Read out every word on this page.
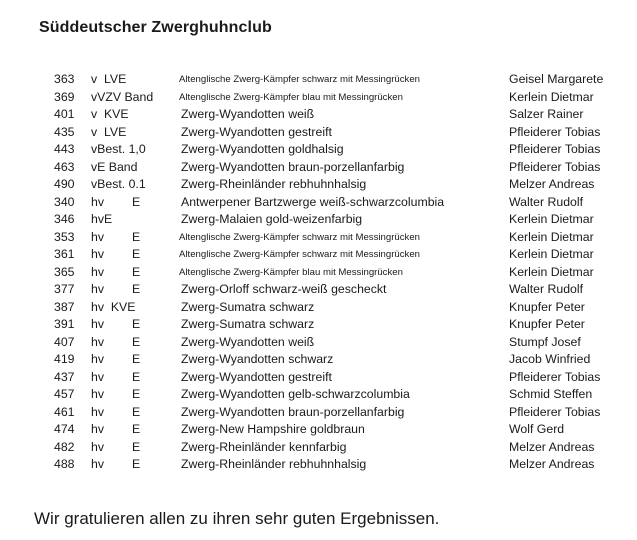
Süddeutscher Zwerghuhnclub
363 v  LVE	Altenglische Zwerg-Kämpfer schwarz mit Messingrücken	Geisel Margarete
369 vVZV Band	Altenglische Zwerg-Kämpfer blau mit Messingrücken	Kerlein Dietmar
401 v  KVE	Zwerg-Wyandotten weiß	Salzer Rainer
435 v  LVE	Zwerg-Wyandotten gestreift	Pfleiderer Tobias
443 vBest. 1,0	Zwerg-Wyandotten goldhalsig	Pfleiderer Tobias
463 vE Band	Zwerg-Wyandotten braun-porzellanfarbig	Pfleiderer Tobias
490 vBest. 0.1	Zwerg-Rheinländer rebhuhnhalsig	Melzer Andreas
340 hv E	Antwerpener Bartzwerge weiß-schwarzcolumbia	Walter Rudolf
346 hvE	Zwerg-Malaien gold-weizenfarbig	Kerlein Dietmar
353 hv E	Altenglische Zwerg-Kämpfer schwarz mit Messingrücken	Kerlein Dietmar
361 hv E	Altenglische Zwerg-Kämpfer schwarz mit Messingrücken	Kerlein Dietmar
365 hv E	Altenglische Zwerg-Kämpfer blau mit Messingrücken	Kerlein Dietmar
377 hv E	Zwerg-Orloff schwarz-weiß gescheckt	Walter Rudolf
387 hv  KVE	Zwerg-Sumatra schwarz	Knupfer Peter
391 hv E	Zwerg-Sumatra schwarz	Knupfer Peter
407 hv E	Zwerg-Wyandotten weiß	Stumpf Josef
419 hv E	Zwerg-Wyandotten schwarz	Jacob Winfried
437 hv E	Zwerg-Wyandotten gestreift	Pfleiderer Tobias
457 hv E	Zwerg-Wyandotten gelb-schwarzcolumbia	Schmid Steffen
461 hv E	Zwerg-Wyandotten braun-porzellanfarbig	Pfleiderer Tobias
474 hv E	Zwerg-New Hampshire goldbraun	Wolf Gerd
482 hv E	Zwerg-Rheinländer kennfarbig	Melzer Andreas
488 hv E	Zwerg-Rheinländer rebhuhnhalsig	Melzer Andreas
Wir gratulieren allen zu ihren sehr guten Ergebnissen.
